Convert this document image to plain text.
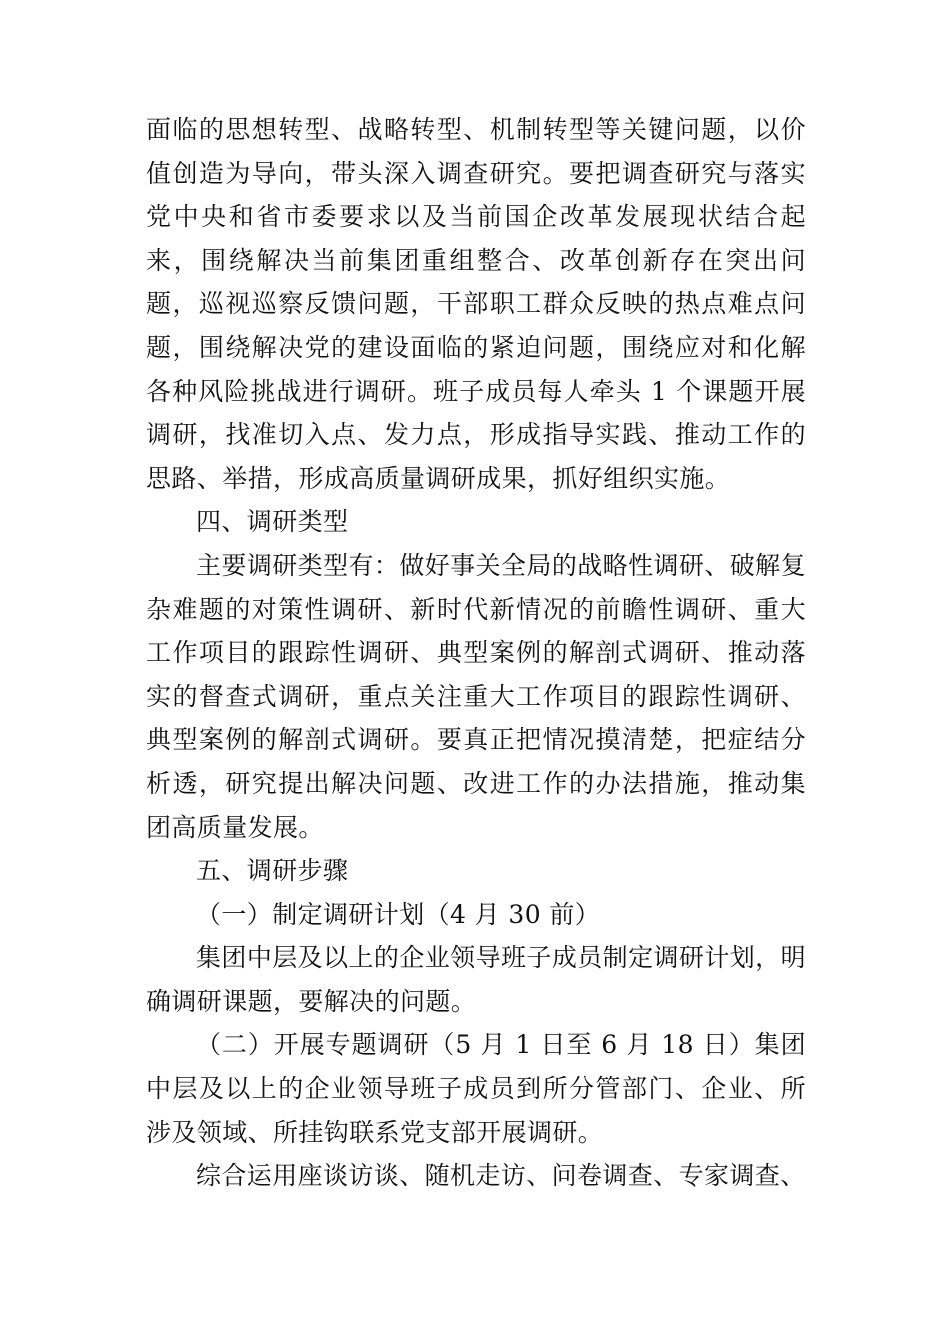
面临的思想转型、战略转型、机制转型等关键问题，以价值创造为导向，带头深入调查研究。要把调查研究与落实党中央和省市委要求以及当前国企改革发展现状结合起来，围绕解决当前集团重组整合、改革创新存在突出问题，巡视巡察反馈问题，干部职工群众反映的热点难点问题，围绕解决党的建设面临的紧迫问题，围绕应对和化解各种风险挑战进行调研。班子成员每人牵头 1 个课题开展调研，找准切入点、发力点，形成指导实践、推动工作的思路、举措，形成高质量调研成果，抓好组织实施。

四、调研类型

主要调研类型有：做好事关全局的战略性调研、破解复杂难题的对策性调研、新时代新情况的前瞻性调研、重大工作项目的跟踪性调研、典型案例的解剖式调研、推动落实的督查式调研，重点关注重大工作项目的跟踪性调研、典型案例的解剖式调研。要真正把情况摸清楚，把症结分析透，研究提出解决问题、改进工作的办法措施，推动集团高质量发展。

五、调研步骤

（一）制定调研计划（4 月 30 前）

集团中层及以上的企业领导班子成员制定调研计划，明确调研课题，要解决的问题。

（二）开展专题调研（5 月 1 日至 6 月 18 日）集团中层及以上的企业领导班子成员到所分管部门、企业、所涉及领域、所挂钩联系党支部开展调研。

综合运用座谈访谈、随机走访、问卷调查、专家调查、
